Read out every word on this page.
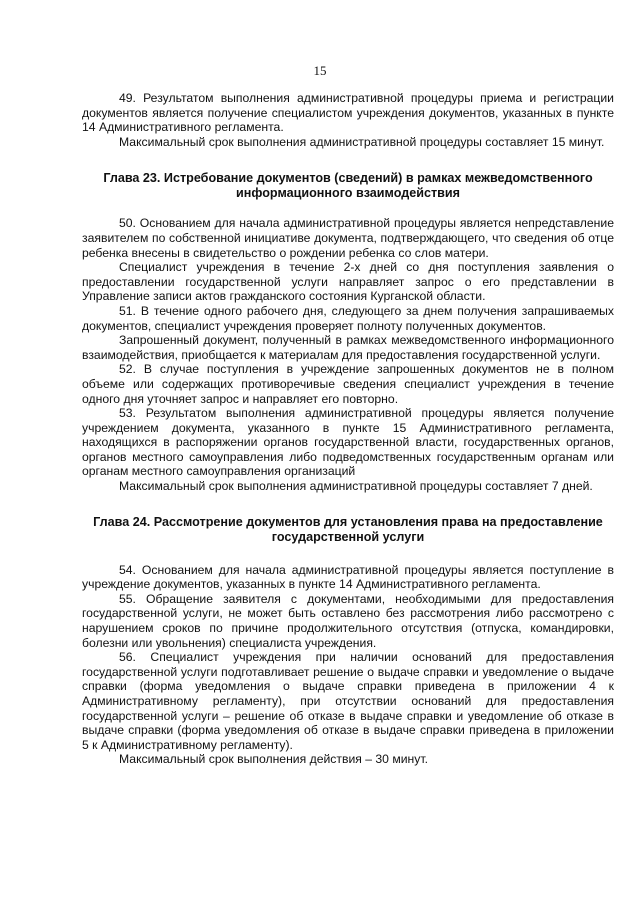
15

49. Результатом выполнения административной процедуры приема и регистрации документов является получение специалистом учреждения документов, указанных в пункте 14 Административного регламента.

Максимальный срок выполнения административной процедуры составляет 15 минут.

Глава 23. Истребование документов (сведений) в рамках межведомственного информационного взаимодействия

50. Основанием для начала административной процедуры является непредставление заявителем по собственной инициативе документа, подтверждающего, что сведения об отце ребенка внесены в свидетельство о рождении ребенка со слов матери.

Специалист учреждения в течение 2-х дней со дня поступления заявления о предоставлении государственной услуги направляет запрос о его представлении в Управление записи актов гражданского состояния Курганской области.

51. В течение одного рабочего дня, следующего за днем получения запрашиваемых документов, специалист учреждения проверяет полноту полученных документов.

Запрошенный документ, полученный в рамках межведомственного информационного взаимодействия, приобщается к материалам для предоставления государственной услуги.

52. В случае поступления в учреждение запрошенных документов не в полном объеме или содержащих противоречивые сведения специалист учреждения в течение одного дня уточняет запрос и направляет его повторно.

53. Результатом выполнения административной процедуры является получение учреждением документа, указанного в пункте 15 Административного регламента, находящихся в распоряжении органов государственной власти, государственных органов, органов местного самоуправления либо подведомственных государственным органам или органам местного самоуправления организаций

Максимальный срок выполнения административной процедуры составляет 7 дней.

Глава 24. Рассмотрение документов для установления права на предоставление государственной услуги

54. Основанием для начала административной процедуры является поступление в учреждение документов, указанных в пункте 14 Административного регламента.

55. Обращение заявителя с документами, необходимыми для предоставления государственной услуги, не может быть оставлено без рассмотрения либо рассмотрено с нарушением сроков по причине продолжительного отсутствия (отпуска, командировки, болезни или увольнения) специалиста учреждения.

56. Специалист учреждения при наличии оснований для предоставления государственной услуги подготавливает решение о выдаче справки и уведомление о выдаче справки (форма уведомления о выдаче справки приведена в приложении 4 к Административному регламенту), при отсутствии оснований для предоставления государственной услуги – решение об отказе в выдаче справки и уведомление об отказе в выдаче справки (форма уведомления об отказе в выдаче справки приведена в приложении 5 к Административному регламенту).

Максимальный срок выполнения действия – 30 минут.
